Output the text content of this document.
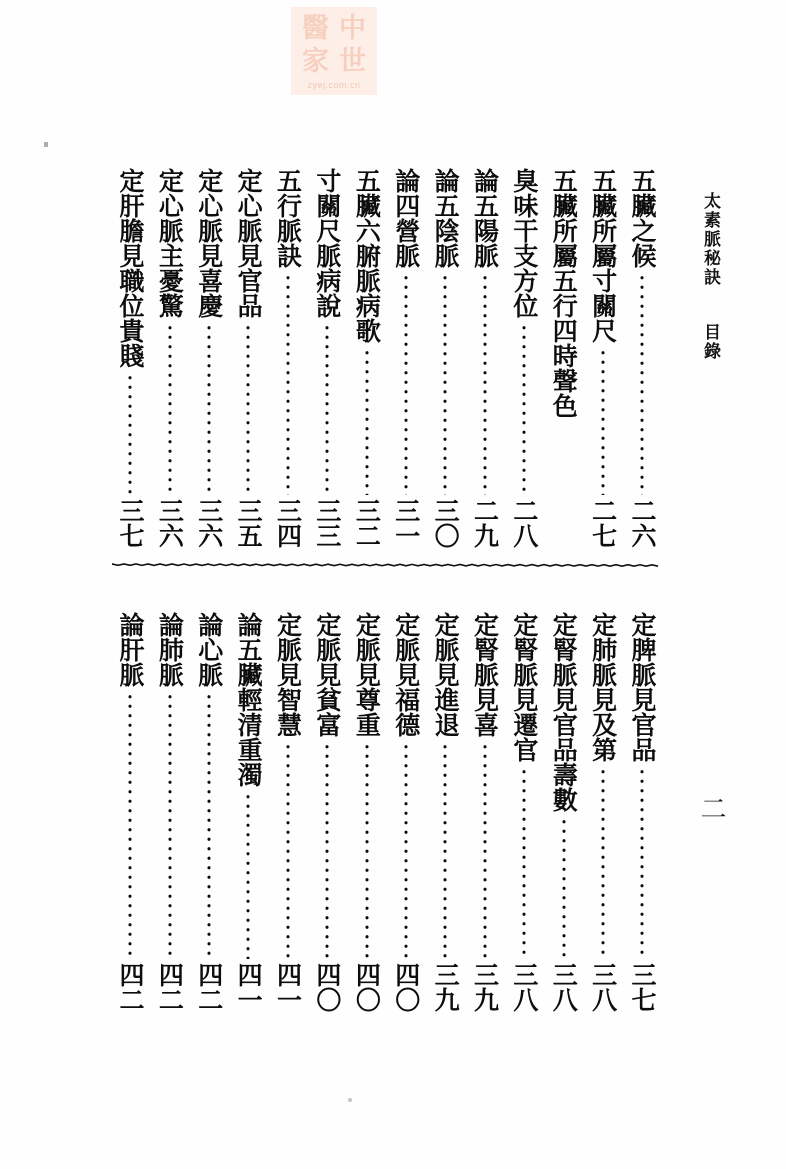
中
醫
世
家
zyej.com.cn
二
太素脈秘訣 目錄
五臟之候
二六
五臟所屬寸關尺
二七
五臟所屬五行四時聲色
臭味干支方位
二八
論五陽脈
二九
論五陰脈
三〇
論四營脈
三一
五臟六腑脈病歌
三二
寸關尺脈病說
三三
五行脈訣
三四
定心脈見官品
三五
定心脈見喜慶
三六
定心脈主憂驚
三六
定肝膽見職位貴賤
三七
定脾脈見官品
三七
定肺脈見及第
三八
定腎脈見官品壽數
三八
定腎脈見遷官
三八
定腎脈見喜
三九
定脈見進退
三九
定脈見福德
四〇
定脈見尊重
四〇
定脈見貧富
四〇
定脈見智慧
四一
論五臟輕清重濁
四一
論心脈
四二
論肺脈
四二
論肝脈
四二
